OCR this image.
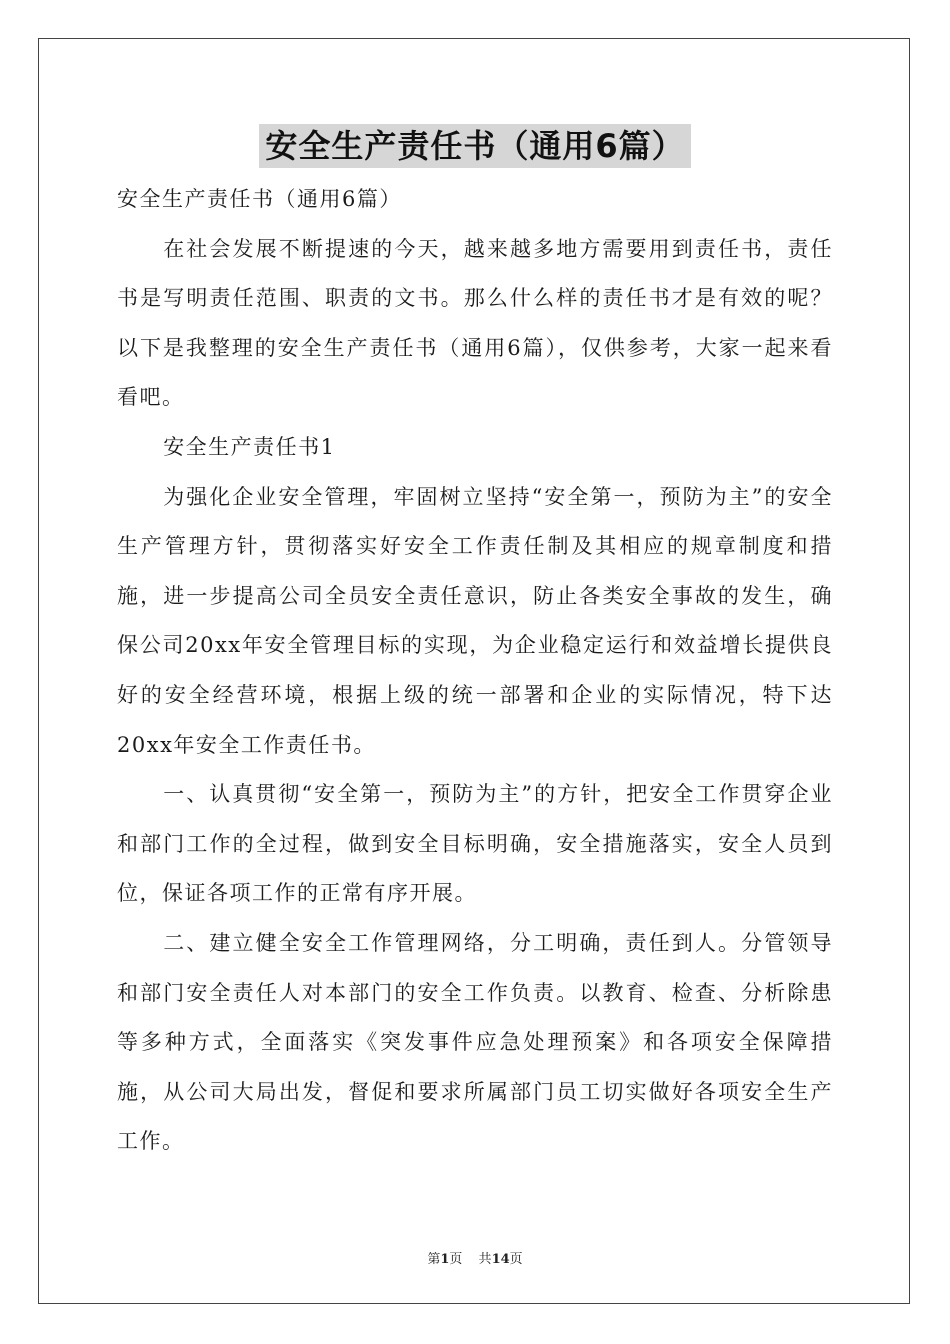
安全生产责任书（通用6篇）

安全生产责任书（通用6篇）

在社会发展不断提速的今天，越来越多地方需要用到责任书，责任书是写明责任范围、职责的文书。那么什么样的责任书才是有效的呢？以下是我整理的安全生产责任书（通用6篇），仅供参考，大家一起来看看吧。

安全生产责任书1

为强化企业安全管理，牢固树立坚持“安全第一，预防为主”的安全生产管理方针，贯彻落实好安全工作责任制及其相应的规章制度和措施，进一步提高公司全员安全责任意识，防止各类安全事故的发生，确保公司20xx年安全管理目标的实现，为企业稳定运行和效益增长提供良好的安全经营环境，根据上级的统一部署和企业的实际情况，特下达20xx年安全工作责任书。

一、认真贯彻“安全第一，预防为主”的方针，把安全工作贯穿企业和部门工作的全过程，做到安全目标明确，安全措施落实，安全人员到位，保证各项工作的正常有序开展。

二、建立健全安全工作管理网络，分工明确，责任到人。分管领导和部门安全责任人对本部门的安全工作负责。以教育、检查、分析除患等多种方式，全面落实《突发事件应急处理预案》和各项安全保障措施，从公司大局出发，督促和要求所属部门员工切实做好各项安全生产工作。

第1页 共14页
